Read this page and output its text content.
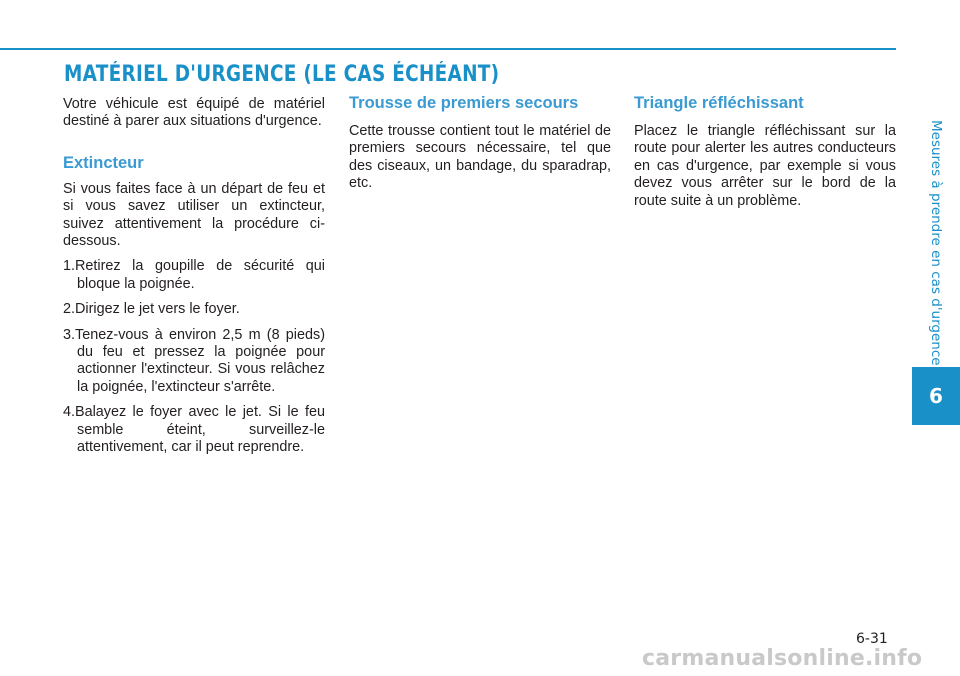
MATÉRIEL D'URGENCE (LE CAS ÉCHÉANT)

Votre véhicule est équipé de matériel destiné à parer aux situations d'urgence.

Extincteur

Si vous faites face à un départ de feu et si vous savez utiliser un extincteur, suivez attentivement la procédure ci-dessous.

1.Retirez la goupille de sécurité qui bloque la poignée.
2.Dirigez le jet vers le foyer.
3.Tenez-vous à environ 2,5 m (8 pieds) du feu et pressez la poignée pour actionner l'extincteur. Si vous relâchez la poignée, l'extincteur s'arrête.
4.Balayez le foyer avec le jet. Si le feu semble éteint, surveillez-le attentivement, car il peut reprendre.
Trousse de premiers secours

Cette trousse contient tout le matériel de premiers secours nécessaire, tel que des ciseaux, un bandage, du sparadrap, etc.

Triangle réfléchissant

Placez le triangle réfléchissant sur la route pour alerter les autres conducteurs en cas d'urgence, par exemple si vous devez vous arrêter sur le bord de la route suite à un problème.	Mesures à prendre en cas d'urgence
6
6-31
carmanualsonline.info
